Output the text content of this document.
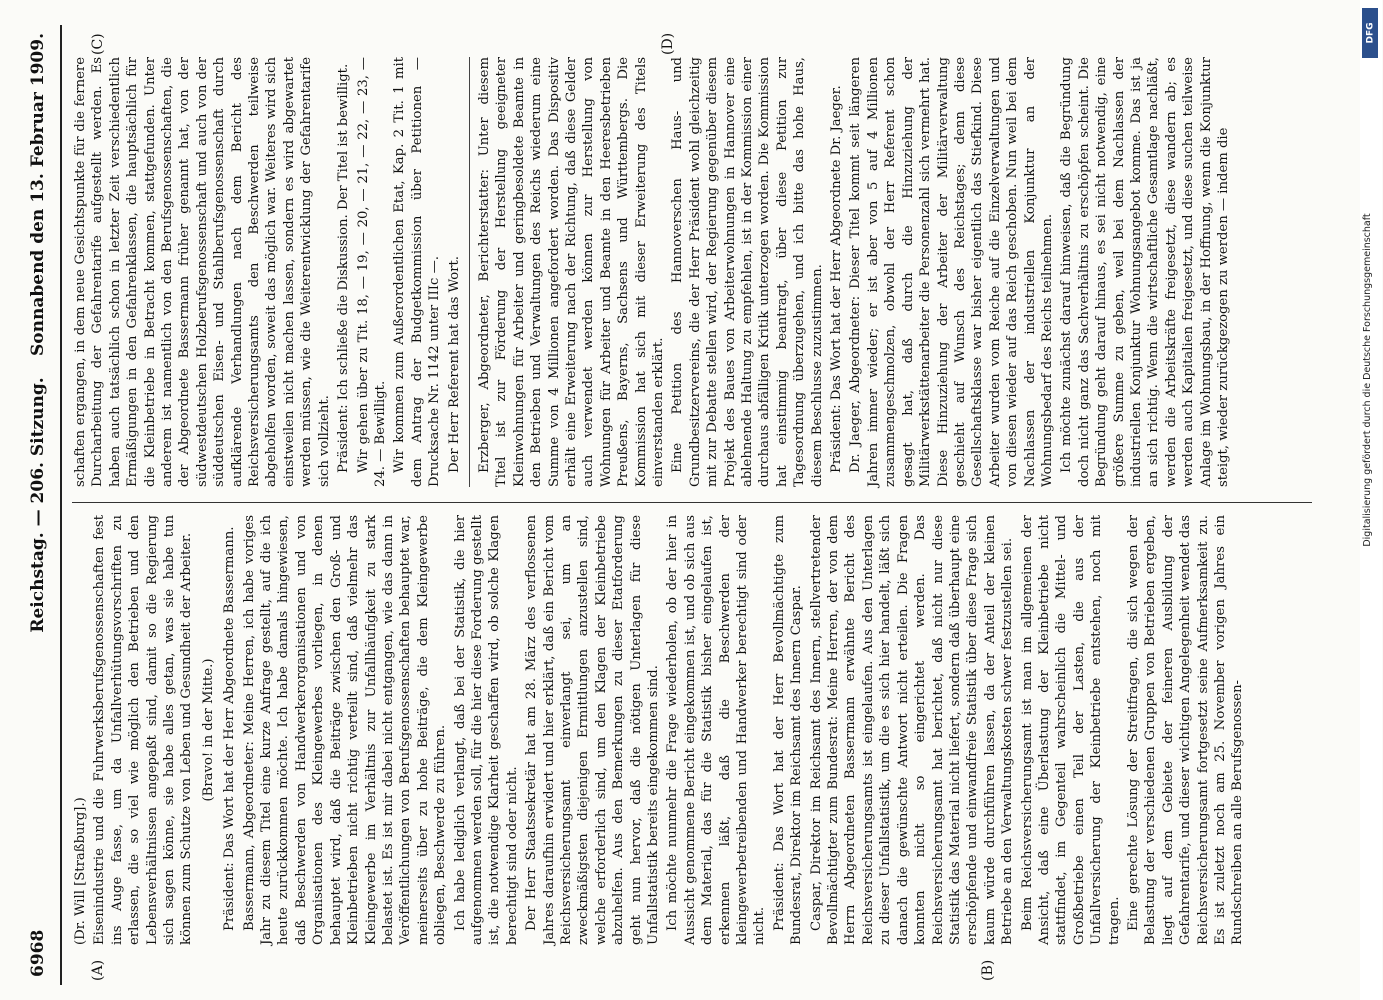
6968
Reichstag. — 206. Sitzung.
Sonnabend den 13. Februar 1909.
(A)	(B)
(C)	(D)

(Dr. Will [Straßburg].) Eisenindustrie und die Fuhrwerksberufsgenossenschaften fest ins Auge fasse, um da Unfallverhütungsvorschriften zu erlassen, die so viel wie möglich den Betrieben und den Lebensverhältnissen angepaßt sind, damit so die Regierung sich sagen könne, sie habe alles getan, was sie habe tun können zum Schutze von Leben und Gesundheit der Arbeiter. (Bravo! in der Mitte.) Präsident: Das Wort hat der Herr Abgeordnete Bassermann. Bassermann, Abgeordneter: Meine Herren, ich habe voriges Jahr zu diesem Titel eine kurze Anfrage gestellt, auf die ich heute zurückkommen möchte. Ich habe damals hingewiesen, daß Beschwerden von Handwerkerorganisationen und von Organisationen des Kleingewerbes vorliegen, in denen behauptet wird, daß die Beiträge zwischen den Groß- und Kleinbetrieben nicht richtig verteilt sind, daß vielmehr das Kleingewerbe im Verhältnis zur Unfallhäufigkeit zu stark belastet ist. Es ist mir dabei nicht entgangen, wie das dann in Veröffentlichungen von Berufsgenossenschaften behauptet war, meinerseits über zu hohe Beiträge, die dem Kleingewerbe obliegen, Beschwerde zu führen. Ich habe lediglich verlangt, daß bei der Statistik, die hier aufgenommen werden soll, für die hier diese Forderung gestellt ist, die notwendige Klarheit geschaffen wird, ob solche Klagen berechtigt sind oder nicht. Der Herr Staatssekretär hat am 28. März des verflossenen Jahres daraufhin erwidert und hier erklärt, daß ein Bericht vom Reichsversicherungsamt einverlangt sei, um an zweckmäßigsten diejenigen Ermittlungen anzustellen sind, welche erforderlich sind, um den Klagen der Kleinbetriebe abzuhelfen. Aus den Bemerkungen zu dieser Etatforderung geht nun hervor, daß die nötigen Unterlagen für diese Unfallstatistik bereits eingekommen sind. Ich möchte nunmehr die Frage wiederholen, ob der hier in Aussicht genommene Bericht eingekommen ist, und ob sich aus dem Material, das für die Statistik bisher eingelaufen ist, erkennen läßt, daß die Beschwerden der kleingewerbetreibenden und Handwerker berechtigt sind oder nicht. Präsident: Das Wort hat der Herr Bevollmächtigte zum Bundesrat, Direktor im Reichsamt des Innern Caspar. Caspar, Direktor im Reichsamt des Innern, stellvertretender Bevollmächtigter zum Bundesrat: Meine Herren, der von dem Herrn Abgeordneten Bassermann erwähnte Bericht des Reichsversicherungsamts ist eingelaufen. Aus den Unterlagen zu dieser Unfallstatistik, um die es sich hier handelt, läßt sich danach die gewünschte Antwort nicht erteilen. Die Fragen konnten nicht so eingerichtet werden. Das Reichsversicherungsamt hat berichtet, daß nicht nur diese Statistik das Material nicht liefert, sondern daß überhaupt eine erschöpfende und einwandfreie Statistik über diese Frage sich kaum würde durchführen lassen, da der Anteil der kleinen Betriebe an den Verwaltungskosten schwer festzustellen sei. Beim Reichsversicherungsamt ist man im allgemeinen der Ansicht, daß eine Überlastung der Kleinbetriebe nicht stattfindet, im Gegenteil wahrscheinlich die Mittel- und Großbetriebe einen Teil der Lasten, die aus der Unfallversicherung der Kleinbetriebe entstehen, noch mit tragen. Eine gerechte Lösung der Streitfragen, die sich wegen der Belastung der verschiedenen Gruppen von Betrieben ergeben, liegt auf dem Gebiete der feineren Ausbildung der Gefahrentarife, und dieser wichtigen Angelegenheit wendet das Reichsversicherungsamt fortgesetzt seine Aufmerksamkeit zu. Es ist zuletzt noch am 25. November vorigen Jahres ein Rundschreiben an alle Berufsgenossen-

schaften ergangen, in dem neue Gesichtspunkte für die fernere Durcharbeitung der Gefahrentarife aufgestellt werden. Es haben auch tatsächlich schon in letzter Zeit verschiedentlich Ermäßigungen in den Gefahrenklassen, die hauptsächlich für die Kleinbetriebe in Betracht kommen, stattgefunden. Unter anderem ist namentlich von den Berufsgenossenschaften, die der Abgeordnete Bassermann früher genannt hat, von der südwestdeutschen Holzberufsgenossenschaft und auch von der süddeutschen Eisen- und Stahlberufsgenossenschaft durch aufklärende Verhandlungen nach dem Bericht des Reichsversicherungsamts den Beschwerden teilweise abgeholfen worden, soweit das möglich war. Weiteres wird sich einstweilen nicht machen lassen, sondern es wird abgewartet werden müssen, wie die Weiterentwicklung der Gefahrentarife sich vollzieht. Präsident: Ich schließe die Diskussion. Der Titel ist bewilligt. Wir gehen über zu Tit. 18, — 19, — 20, — 21, — 22, — 23, — 24. — Bewilligt. Wir kommen zum Außerordentlichen Etat, Kap. 2 Tit. 1 mit dem Antrag der Budgetkommission über Petitionen — Drucksache Nr. 1142 unter IIIc —. Der Herr Referent hat das Wort. Erzberger, Abgeordneter, Berichterstatter: Unter diesem Titel ist zur Förderung der Herstellung geeigneter Kleinwohnungen für Arbeiter und geringbesoldete Beamte in den Betrieben und Verwaltungen des Reichs wiederum eine Summe von 4 Millionen angefordert worden. Das Dispositiv erhält eine Erweiterung nach der Richtung, daß diese Gelder auch verwendet werden können zur Herstellung von Wohnungen für Arbeiter und Beamte in den Heeresbetrieben Preußens, Bayerns, Sachsens und Württembergs. Die Kommission hat sich mit dieser Erweiterung des Titels einverstanden erklärt. Eine Petition des Hannoverschen Haus- und Grundbesitzervereins, die der Herr Präsident wohl gleichzeitig mit zur Debatte stellen wird, der Regierung gegenüber diesem Projekt des Baues von Arbeiterwohnungen in Hannover eine ablehnende Haltung zu empfehlen, ist in der Kommission einer durchaus abfälligen Kritik unterzogen worden. Die Kommission hat einstimmig beantragt, über diese Petition zur Tagesordnung überzugehen, und ich bitte das hohe Haus, diesem Beschlusse zuzustimmen. Präsident: Das Wort hat der Herr Abgeordnete Dr. Jaeger. Dr. Jaeger, Abgeordneter: Dieser Titel kommt seit längeren Jahren immer wieder; er ist aber von 5 auf 4 Millionen zusammengeschmolzen, obwohl der Herr Referent schon gesagt hat, daß durch die Hinzuziehung der Militärwerkstättenarbeiter die Personenzahl sich vermehrt hat. Diese Hinzuziehung der Arbeiter der Militärverwaltung geschieht auf Wunsch des Reichstages; denn diese Gesellschaftsklasse war bisher eigentlich das Stiefkind. Diese Arbeiter wurden vom Reiche auf die Einzelverwaltungen und von diesen wieder auf das Reich geschoben. Nun weil bei dem Nachlassen der industriellen Konjunktur an der Wohnungsbedarf des Reichs teilnehmen. Ich möchte zunächst darauf hinweisen, daß die Begründung doch nicht ganz das Sachverhältnis zu erschöpfen scheint. Die Begründung geht darauf hinaus, es sei nicht notwendig, eine größere Summe zu geben, weil bei dem Nachlassen der industriellen Konjunktur Wohnungsangebot komme. Das ist ja an sich richtig. Wenn die wirtschaftliche Gesamtlage nachläßt, werden die Arbeitskräfte freigesetzt, diese wandern ab; es werden auch Kapitalien freigesetzt, und diese suchen teilweise Anlage im Wohnungsbau, in der Hoffnung, wenn die Konjunktur steigt, wieder zurückgezogen zu werden — indem die

DFG
Digitalisierung gefördert durch die Deutsche Forschungsgemeinschaft
